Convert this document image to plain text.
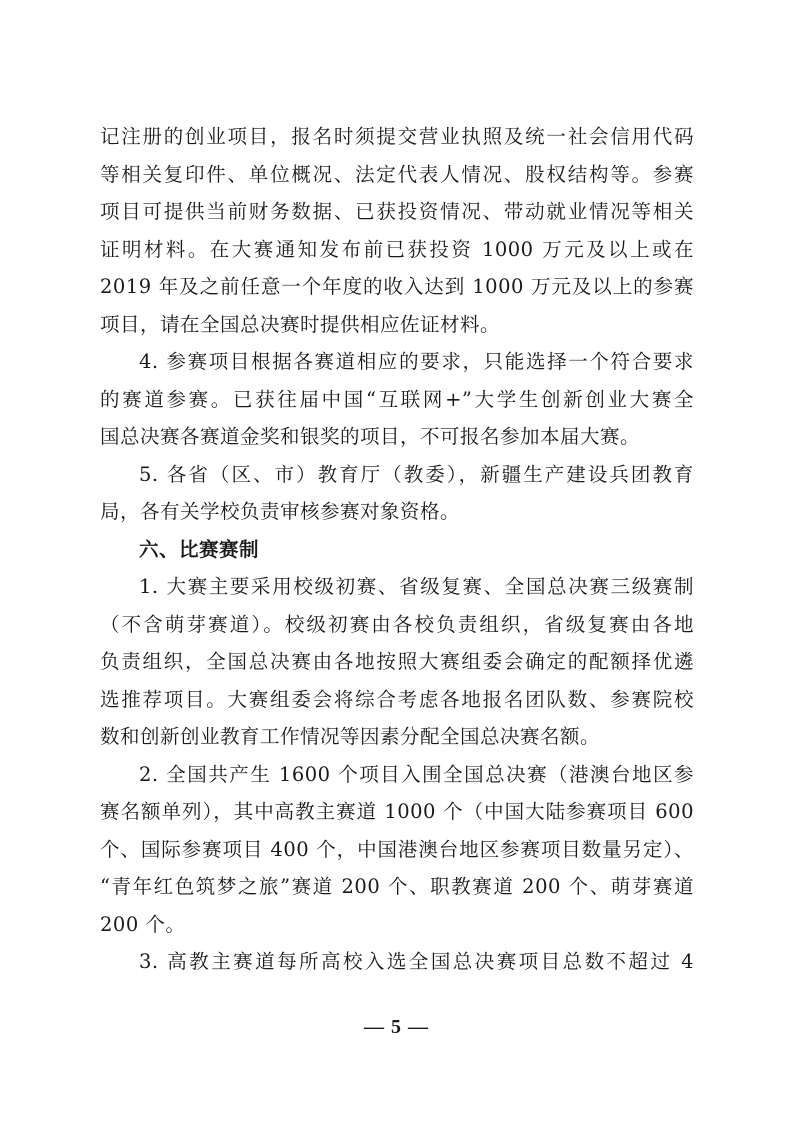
记注册的创业项目，报名时须提交营业执照及统一社会信用代码
等相关复印件、单位概况、法定代表人情况、股权结构等。参赛
项目可提供当前财务数据、已获投资情况、带动就业情况等相关
证明材料。在大赛通知发布前已获投资 1000 万元及以上或在
2019 年及之前任意一个年度的收入达到 1000 万元及以上的参赛
项目，请在全国总决赛时提供相应佐证材料。
4. 参赛项目根据各赛道相应的要求，只能选择一个符合要求
的赛道参赛。已获往届中国“互联网+”大学生创新创业大赛全
国总决赛各赛道金奖和银奖的项目，不可报名参加本届大赛。
5. 各省（区、市）教育厅（教委），新疆生产建设兵团教育
局，各有关学校负责审核参赛对象资格。
六、比赛赛制
1. 大赛主要采用校级初赛、省级复赛、全国总决赛三级赛制
（不含萌芽赛道）。校级初赛由各校负责组织，省级复赛由各地
负责组织，全国总决赛由各地按照大赛组委会确定的配额择优遴
选推荐项目。大赛组委会将综合考虑各地报名团队数、参赛院校
数和创新创业教育工作情况等因素分配全国总决赛名额。
2. 全国共产生 1600 个项目入围全国总决赛（港澳台地区参
赛名额单列），其中高教主赛道 1000 个（中国大陆参赛项目 600
个、国际参赛项目 400 个，中国港澳台地区参赛项目数量另定）、
“青年红色筑梦之旅”赛道 200 个、职教赛道 200 个、萌芽赛道
200 个。
3. 高教主赛道每所高校入选全国总决赛项目总数不超过 4
— 5 —
